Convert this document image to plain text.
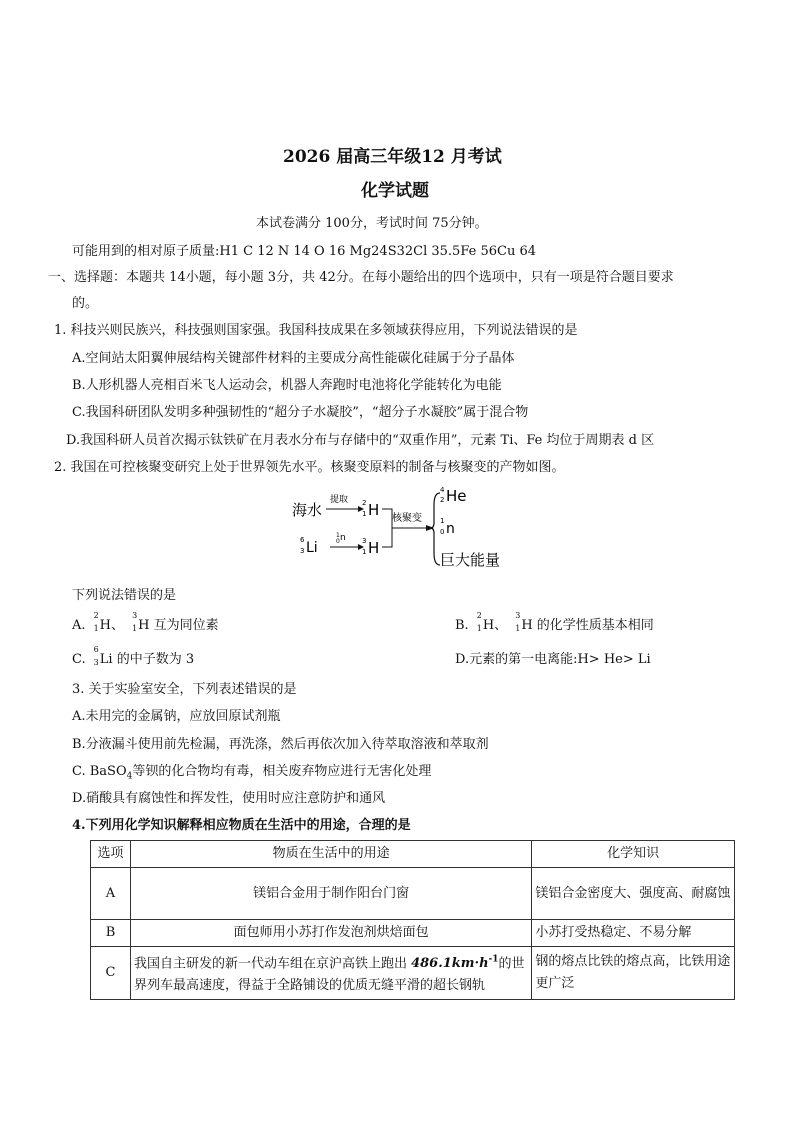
2026 届高三年级12 月考试
化学试题
本试卷满分 100分，考试时间 75分钟。
可能用到的相对原子质量:H1 C 12 N 14 O 16 Mg24S32Cl 35.5Fe 56Cu 64
一、选择题：本题共 14小题，每小题 3分，共 42分。在每小题给出的四个选项中，只有一项是符合题目要求
的。
1. 科技兴则民族兴，科技强则国家强。我国科技成果在多领域获得应用，下列说法错误的是
A.空间站太阳翼伸展结构关键部件材料的主要成分高性能碳化硅属于分子晶体
B.人形机器人亮相百米飞人运动会，机器人奔跑时电池将化学能转化为电能
C.我国科研团队发明多种强韧性的“超分子水凝胶”，“超分子水凝胶”属于混合物
D.我国科研人员首次揭示钛铁矿在月表水分布与存储中的“双重作用”，元素 Ti、Fe 均位于周期表 d 区
2. 我国在可控核聚变研究上处于世界领先水平。核聚变原料的制备与核聚变的产物如图。
海水
提取 2
1 H
6
3 Li
1
0 n 3
1 H
核聚变
4
2 He
1
0 n
巨大能量
下列说法错误的是
A.
2
1 H、
3
1 H 互为同位素	B.
2
1 H、
3
1 H 的化学性质基本相同
C.
6
3 Li 的中子数为 3	D.元素的第一电离能:H> He> Li
3. 关于实验室安全，下列表述错误的是
A.未用完的金属钠，应放回原试剂瓶
B.分液漏斗使用前先检漏，再洗涤，然后再依次加入待萃取溶液和萃取剂
C. BaSO$_4$等钡的化合物均有毒，相关废弃物应进行无害化处理
D.硝酸具有腐蚀性和挥发性，使用时应注意防护和通风
4.下列用化学知识解释相应物质在生活中的用途，合理的是
选项	物质在生活中的用途	化学知识
A	镁铝合金用于制作阳台门窗	镁铝合金密度大、强度高、耐腐蚀
B	面包师用小苏打作发泡剂烘焙面包	小苏打受热稳定、不易分解
C	我国自主研发的新一代动车组在京沪高铁上跑出 $486.1km\cdot h^{-1}$的世界列车最高速度，得益于全路铺设的优质无缝平滑的超长钢轨	钢的熔点比铁的熔点高，比铁用途更广泛
